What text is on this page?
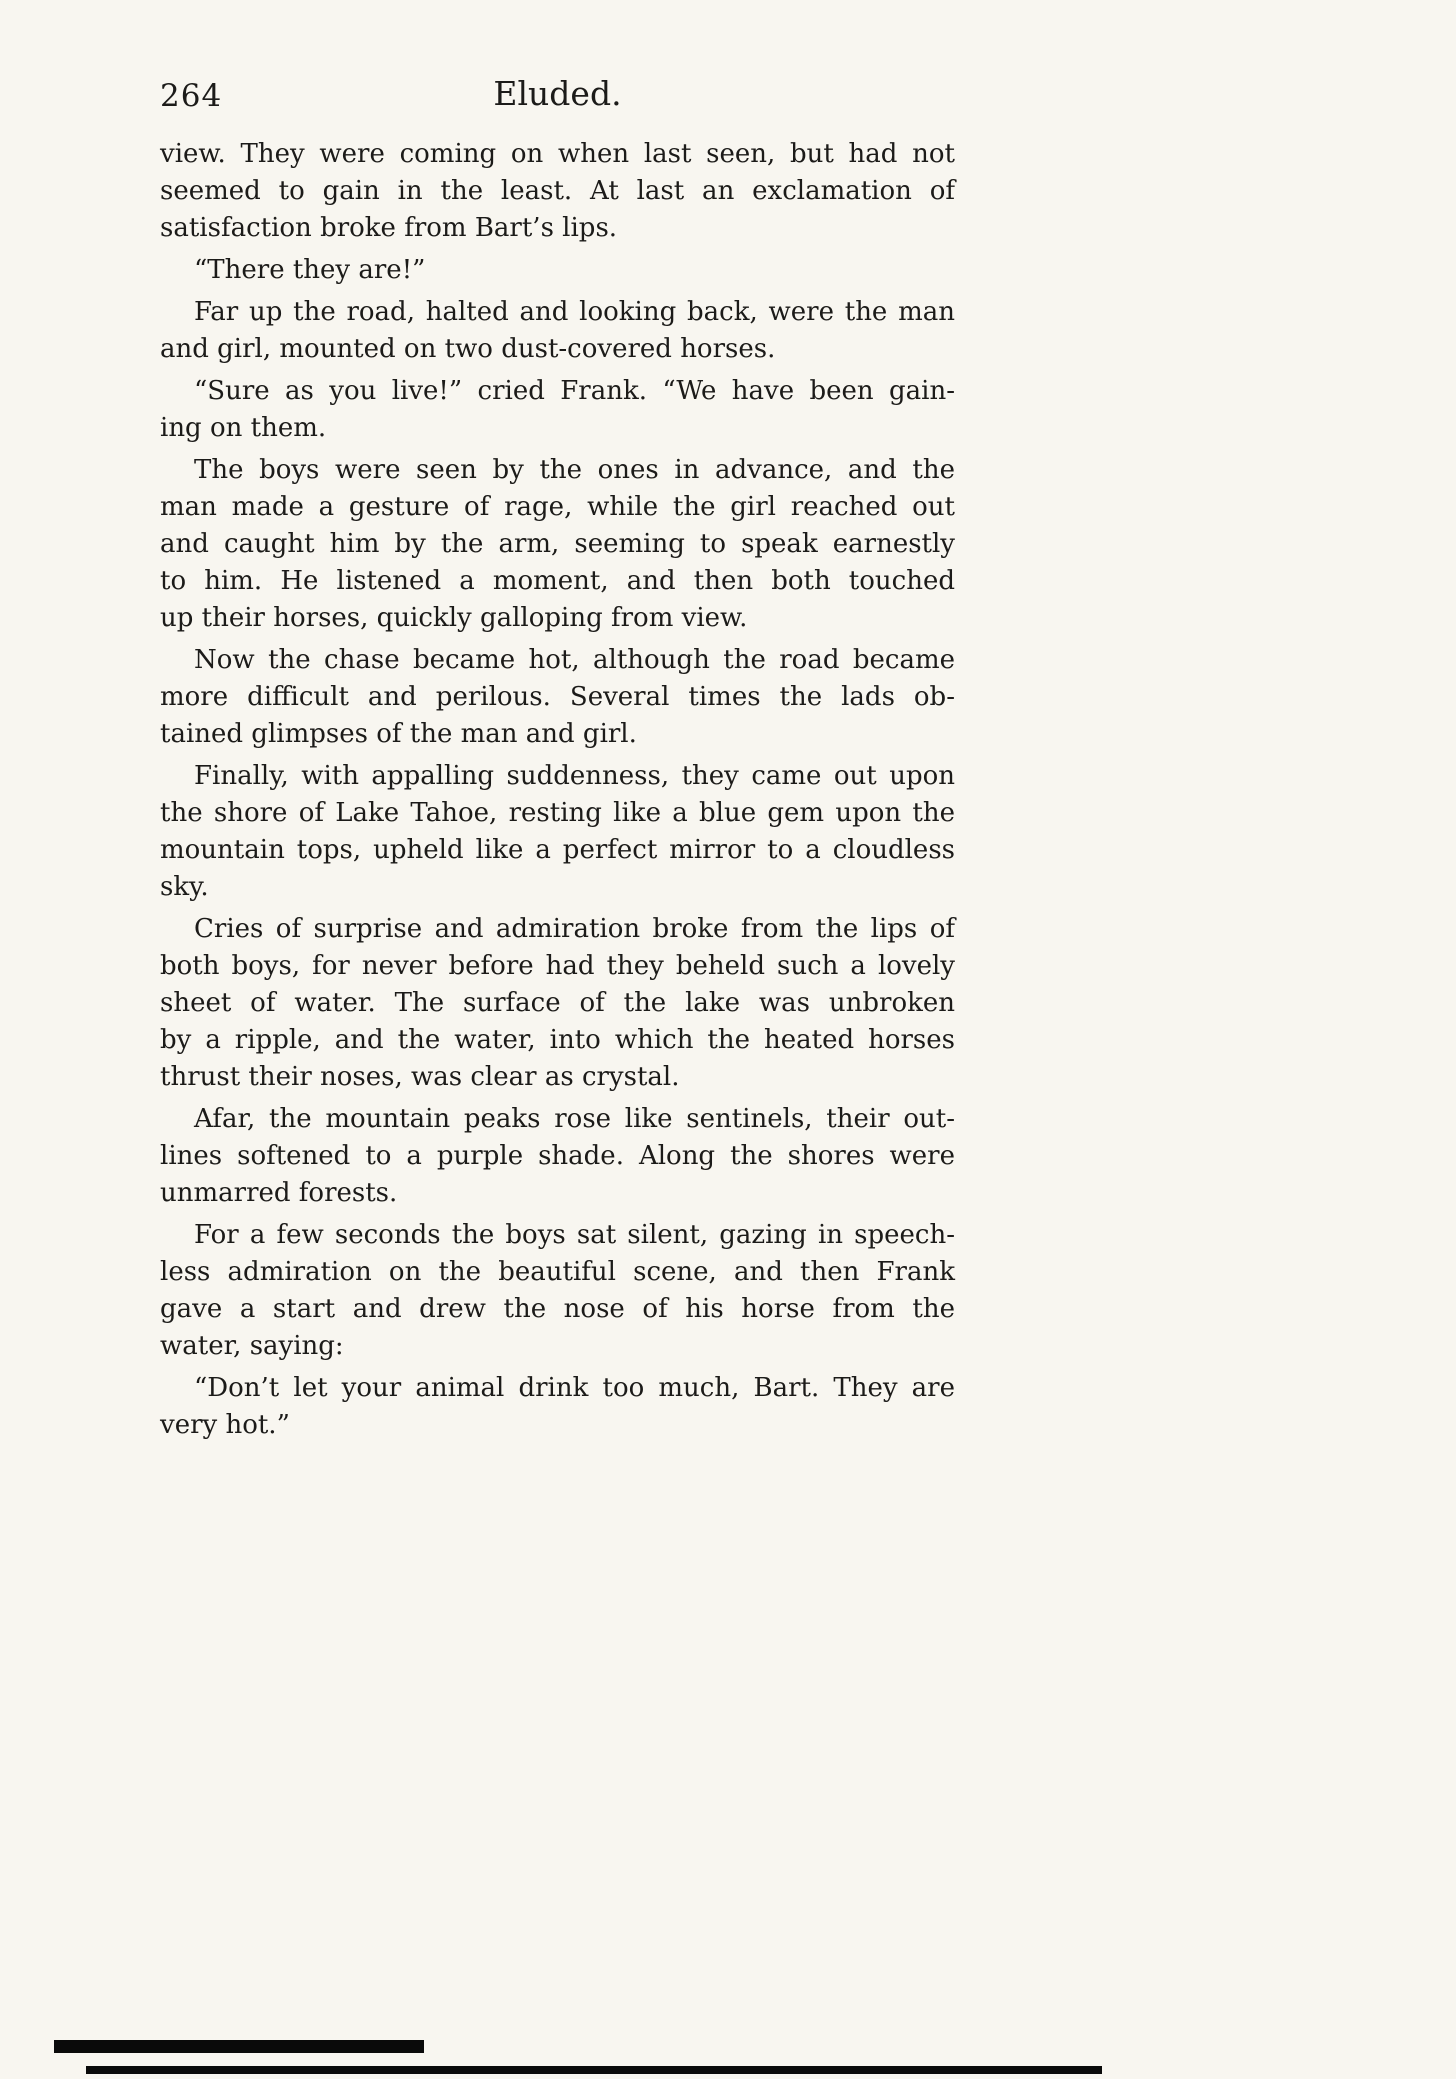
264	Eluded.
view. They were coming on when last seen, but had not
seemed to gain in the least. At last an exclamation of
satisfaction broke from Bart’s lips.
“There they are!”
Far up the road, halted and looking back, were the man
and girl, mounted on two dust-covered horses.
“Sure as you live!” cried Frank. “We have been gain-
ing on them.
The boys were seen by the ones in advance, and the
man made a gesture of rage, while the girl reached out
and caught him by the arm, seeming to speak earnestly
to him. He listened a moment, and then both touched
up their horses, quickly galloping from view.
Now the chase became hot, although the road became
more difficult and perilous. Several times the lads ob-
tained glimpses of the man and girl.
Finally, with appalling suddenness, they came out upon
the shore of Lake Tahoe, resting like a blue gem upon the
mountain tops, upheld like a perfect mirror to a cloudless
sky.
Cries of surprise and admiration broke from the lips of
both boys, for never before had they beheld such a lovely
sheet of water. The surface of the lake was unbroken
by a ripple, and the water, into which the heated horses
thrust their noses, was clear as crystal.
Afar, the mountain peaks rose like sentinels, their out-
lines softened to a purple shade. Along the shores were
unmarred forests.
For a few seconds the boys sat silent, gazing in speech-
less admiration on the beautiful scene, and then Frank
gave a start and drew the nose of his horse from the
water, saying:
“Don’t let your animal drink too much, Bart. They are
very hot.”
